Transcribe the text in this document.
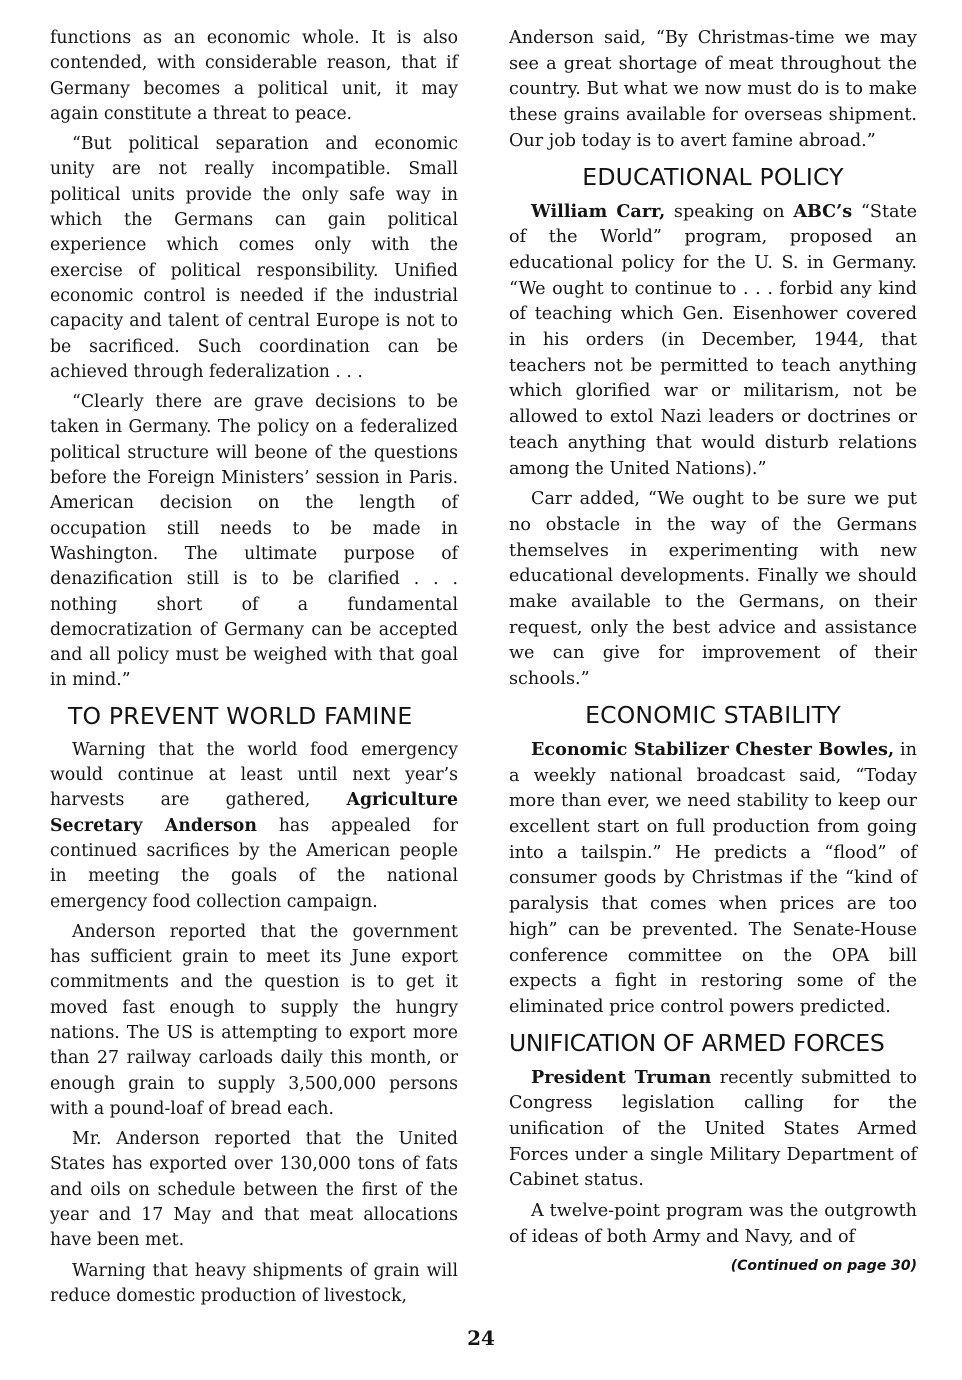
functions as an economic whole. It is also contended, with considerable reason, that if Germany becomes a political unit, it may again constitute a threat to peace.

“But political separation and economic unity are not really incompatible. Small political units provide the only safe way in which the Germans can gain political experience which comes only with the exercise of political responsibility. Unified economic control is needed if the industrial capacity and talent of central Europe is not to be sacrificed. Such coordination can be achieved through federalization . . .

“Clearly there are grave decisions to be taken in Germany. The policy on a federalized political structure will beone of the questions before the Foreign Ministers’ session in Paris. American decision on the length of occupation still needs to be made in Washington. The ultimate purpose of denazification still is to be clarified . . . nothing short of a fundamental democratization of Germany can be accepted and all policy must be weighed with that goal in mind.”

TO PREVENT WORLD FAMINE

Warning that the world food emergency would continue at least until next year’s harvests are gathered, Agriculture Secretary Anderson has appealed for continued sacrifices by the American people in meeting the goals of the national emergency food collection campaign.

Anderson reported that the government has sufficient grain to meet its June export commitments and the question is to get it moved fast enough to supply the hungry nations. The US is attempting to export more than 27 railway carloads daily this month, or enough grain to supply 3,500,000 persons with a pound-loaf of bread each.

Mr. Anderson reported that the United States has exported over 130,000 tons of fats and oils on schedule between the first of the year and 17 May and that meat allocations have been met.

Warning that heavy shipments of grain will reduce domestic production of livestock,

Anderson said, “By Christmas-time we may see a great shortage of meat throughout the country. But what we now must do is to make these grains available for overseas shipment. Our job today is to avert famine abroad.”

EDUCATIONAL POLICY

William Carr, speaking on ABC’s “State of the World” program, proposed an educational policy for the U. S. in Germany. “We ought to continue to . . . forbid any kind of teaching which Gen. Eisenhower covered in his orders (in December, 1944, that teachers not be permitted to teach anything which glorified war or militarism, not be allowed to extol Nazi leaders or doctrines or teach anything that would disturb relations among the United Nations).”

Carr added, “We ought to be sure we put no obstacle in the way of the Germans themselves in experimenting with new educational developments. Finally we should make available to the Germans, on their request, only the best advice and assistance we can give for improvement of their schools.”

ECONOMIC STABILITY

Economic Stabilizer Chester Bowles, in a weekly national broadcast said, “Today more than ever, we need stability to keep our excellent start on full production from going into a tailspin.” He predicts a “flood” of consumer goods by Christmas if the “kind of paralysis that comes when prices are too high” can be prevented. The Senate-House conference committee on the OPA bill expects a fight in restoring some of the eliminated price control powers predicted.

UNIFICATION OF ARMED FORCES

President Truman recently submitted to Congress legislation calling for the unification of the United States Armed Forces under a single Military Department of Cabinet status.

A twelve-point program was the outgrowth of ideas of both Army and Navy, and of

(Continued on page 30)
24
